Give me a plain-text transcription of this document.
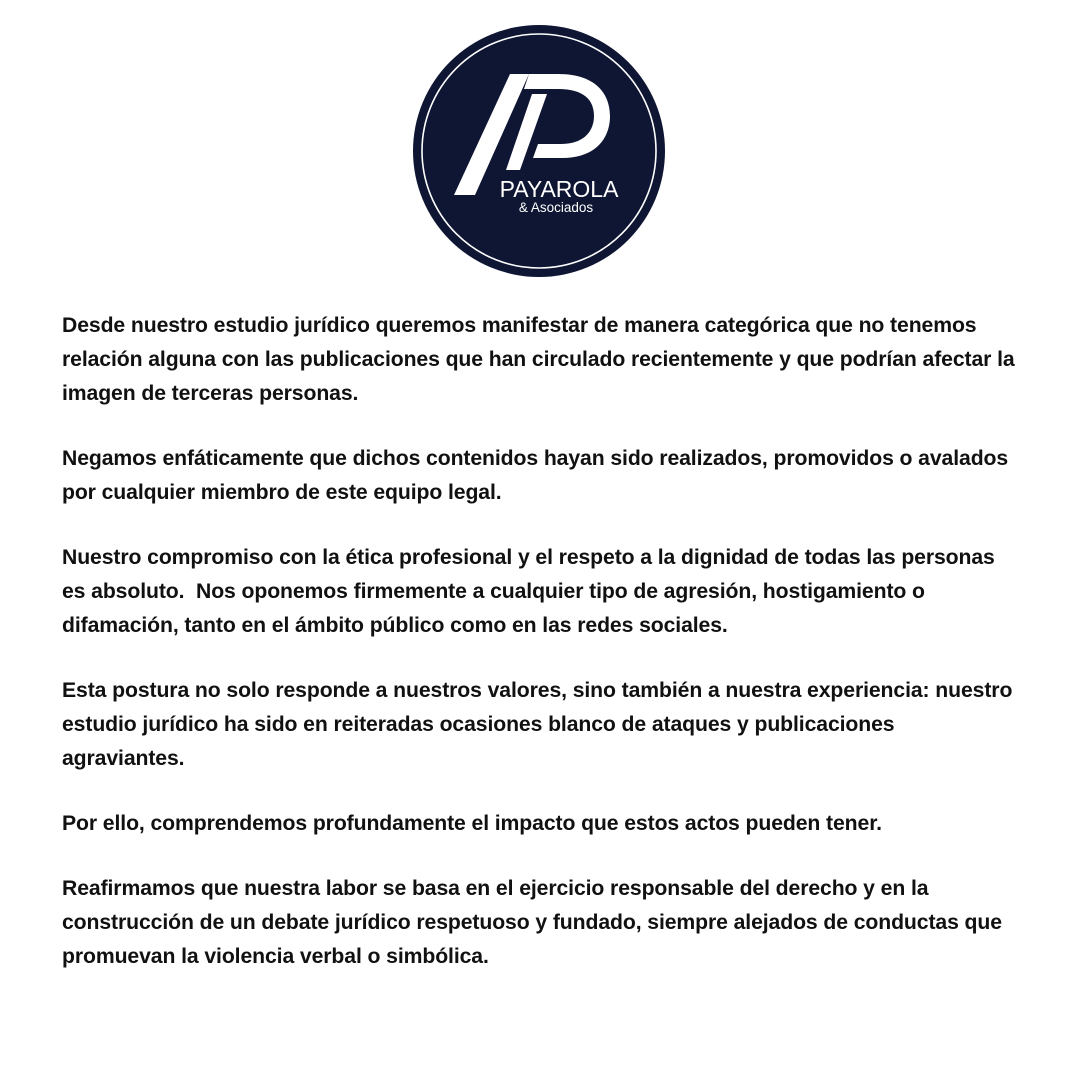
PAYAROLA
& Asociados

Desde nuestro estudio jurídico queremos manifestar de manera categórica que no tenemos relación alguna con las publicaciones que han circulado recientemente y que podrían afectar la imagen de terceras personas.

Negamos enfáticamente que dichos contenidos hayan sido realizados, promovidos o avalados por cualquier miembro de este equipo legal.

Nuestro compromiso con la ética profesional y el respeto a la dignidad de todas las personas es absoluto.  Nos oponemos firmemente a cualquier tipo de agresión, hostigamiento o difamación, tanto en el ámbito público como en las redes sociales.

Esta postura no solo responde a nuestros valores, sino también a nuestra experiencia: nuestro estudio jurídico ha sido en reiteradas ocasiones blanco de ataques y publicaciones agraviantes.

Por ello, comprendemos profundamente el impacto que estos actos pueden tener.

Reafirmamos que nuestra labor se basa en el ejercicio responsable del derecho y en la construcción de un debate jurídico respetuoso y fundado, siempre alejados de conductas que promuevan la violencia verbal o simbólica.
